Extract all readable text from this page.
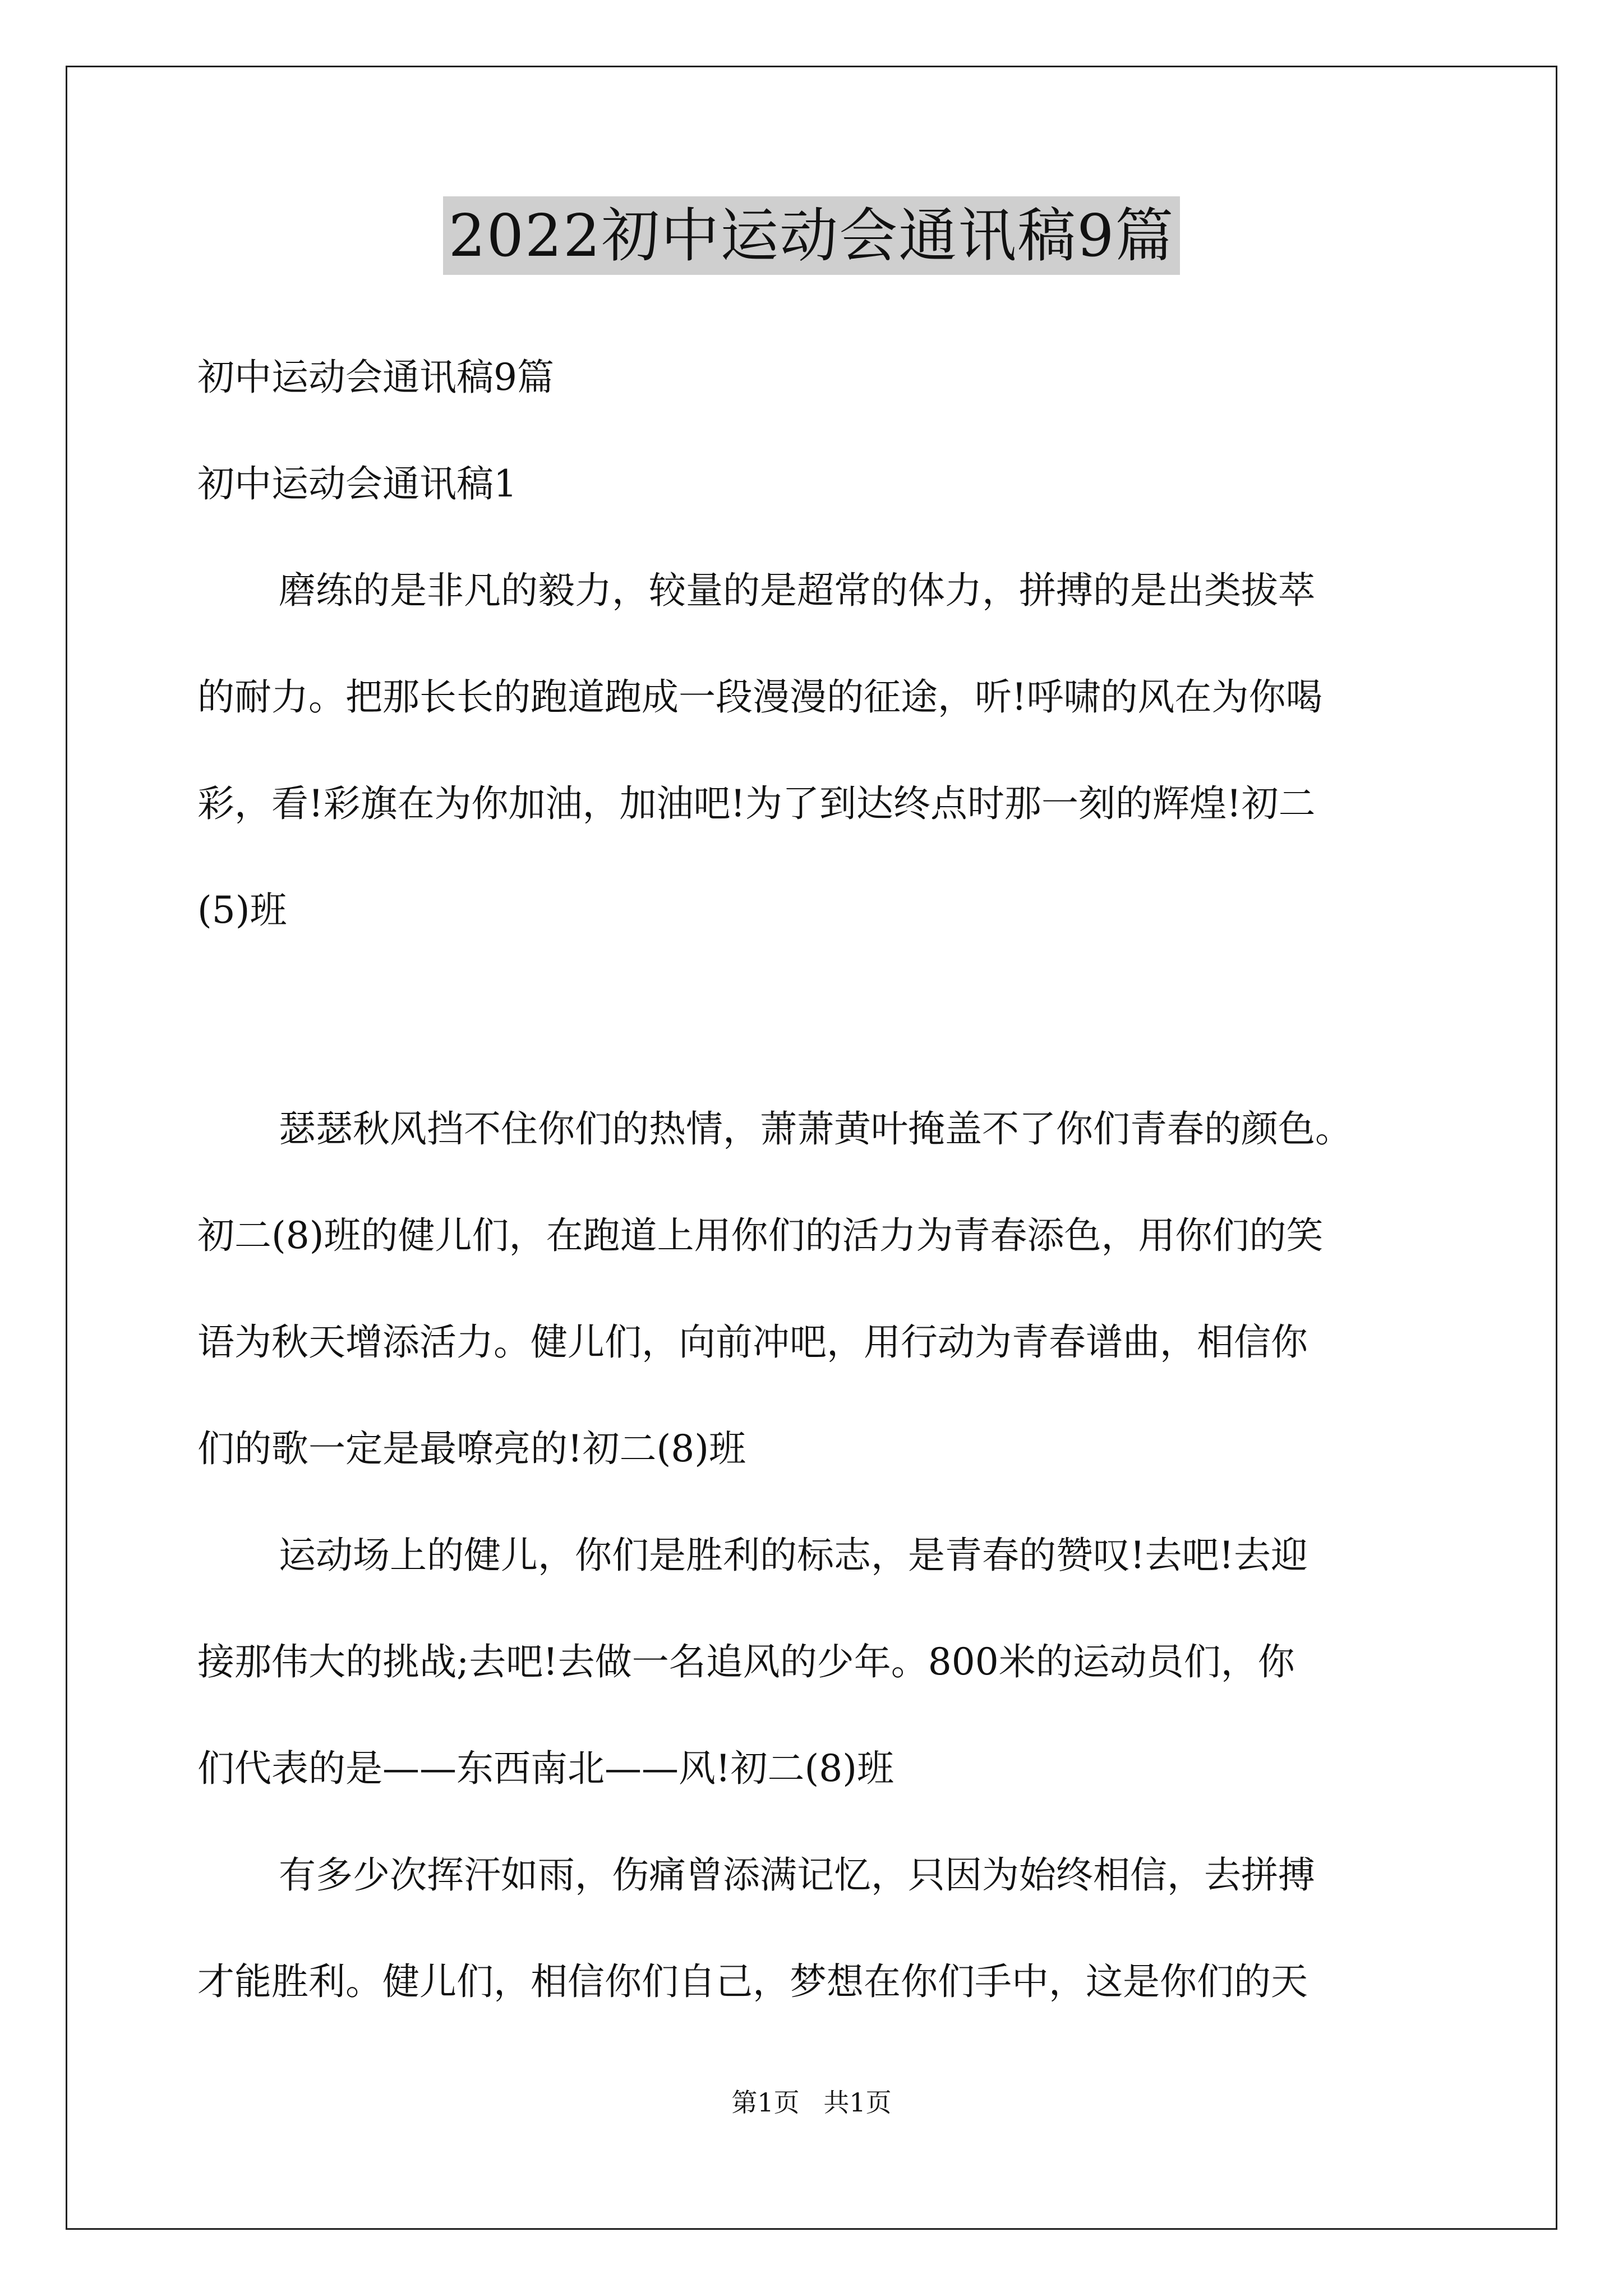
2022初中运动会通讯稿9篇
初中运动会通讯稿9篇
初中运动会通讯稿1
磨练的是非凡的毅力，较量的是超常的体力，拼搏的是出类拔萃
的耐力。把那长长的跑道跑成一段漫漫的征途，听!呼啸的风在为你喝
彩，看!彩旗在为你加油，加油吧!为了到达终点时那一刻的辉煌!初二
(5)班
瑟瑟秋风挡不住你们的热情，萧萧黄叶掩盖不了你们青春的颜色。
初二(8)班的健儿们，在跑道上用你们的活力为青春添色，用你们的笑
语为秋天增添活力。健儿们，向前冲吧，用行动为青春谱曲，相信你
们的歌一定是最嘹亮的!初二(8)班
运动场上的健儿，你们是胜利的标志，是青春的赞叹!去吧!去迎
接那伟大的挑战;去吧!去做一名追风的少年。800米的运动员们，你
们代表的是——东西南北——风!初二(8)班
有多少次挥汗如雨，伤痛曾添满记忆，只因为始终相信，去拼搏
才能胜利。健儿们，相信你们自己，梦想在你们手中，这是你们的天
第1页 共1页
